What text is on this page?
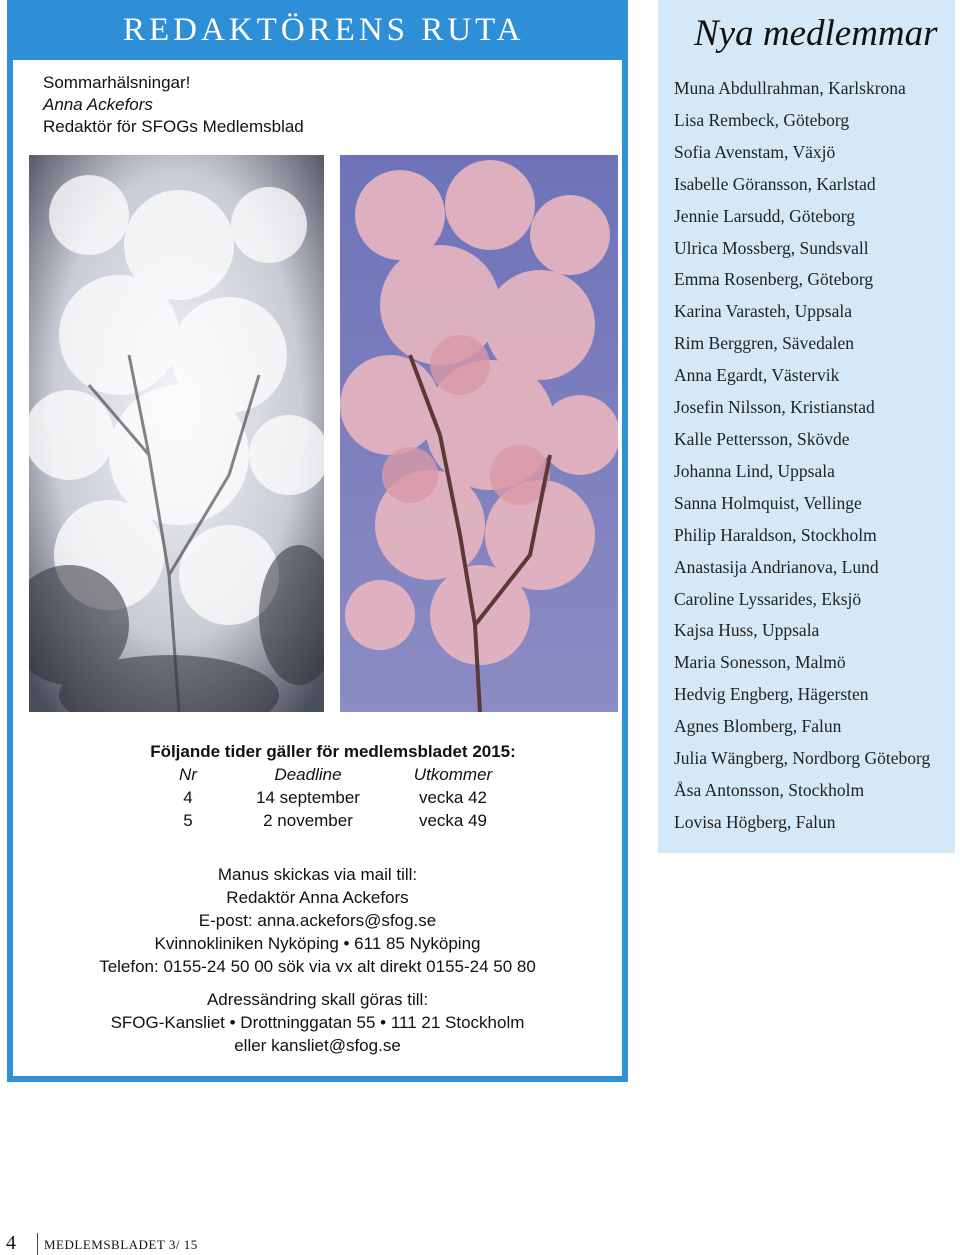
REDAKTÖRENS RUTA
Sommarhälsningar!
Anna Ackefors
Redaktör för SFOGs Medlemsblad
Följande tider gäller för medlemsbladet 2015:
Nr	Deadline	Utkommer
4	14 september	vecka 42
5	2 november	vecka 49
Manus skickas via mail till:
Redaktör Anna Ackefors
E-post: anna.ackefors@sfog.se
Kvinnokliniken Nyköping • 611 85 Nyköping
Telefon: 0155-24 50 00 sök via vx alt direkt 0155-24 50 80
Adressändring skall göras till:
SFOG-Kansliet • Drottninggatan 55 • 111 21 Stockholm
eller kansliet@sfog.se
Nya medlemmar
Muna Abdullrahman, Karlskrona
Lisa Rembeck, Göteborg
Sofia Avenstam, Växjö
Isabelle Göransson, Karlstad
Jennie Larsudd, Göteborg
Ulrica Mossberg, Sundsvall
Emma Rosenberg, Göteborg
Karina Varasteh, Uppsala
Rim Berggren, Sävedalen
Anna Egardt, Västervik
Josefin Nilsson, Kristianstad
Kalle Pettersson, Skövde
Johanna Lind, Uppsala
Sanna Holmquist, Vellinge
Philip Haraldson, Stockholm
Anastasija Andrianova, Lund
Caroline Lyssarides, Eksjö
Kajsa Huss, Uppsala
Maria Sonesson, Malmö
Hedvig Engberg, Hägersten
Agnes Blomberg, Falun
Julia Wängberg, Nordborg Göteborg
Åsa Antonsson, Stockholm
Lovisa Högberg, Falun
4 MEDLEMSBLADET 3/ 15
